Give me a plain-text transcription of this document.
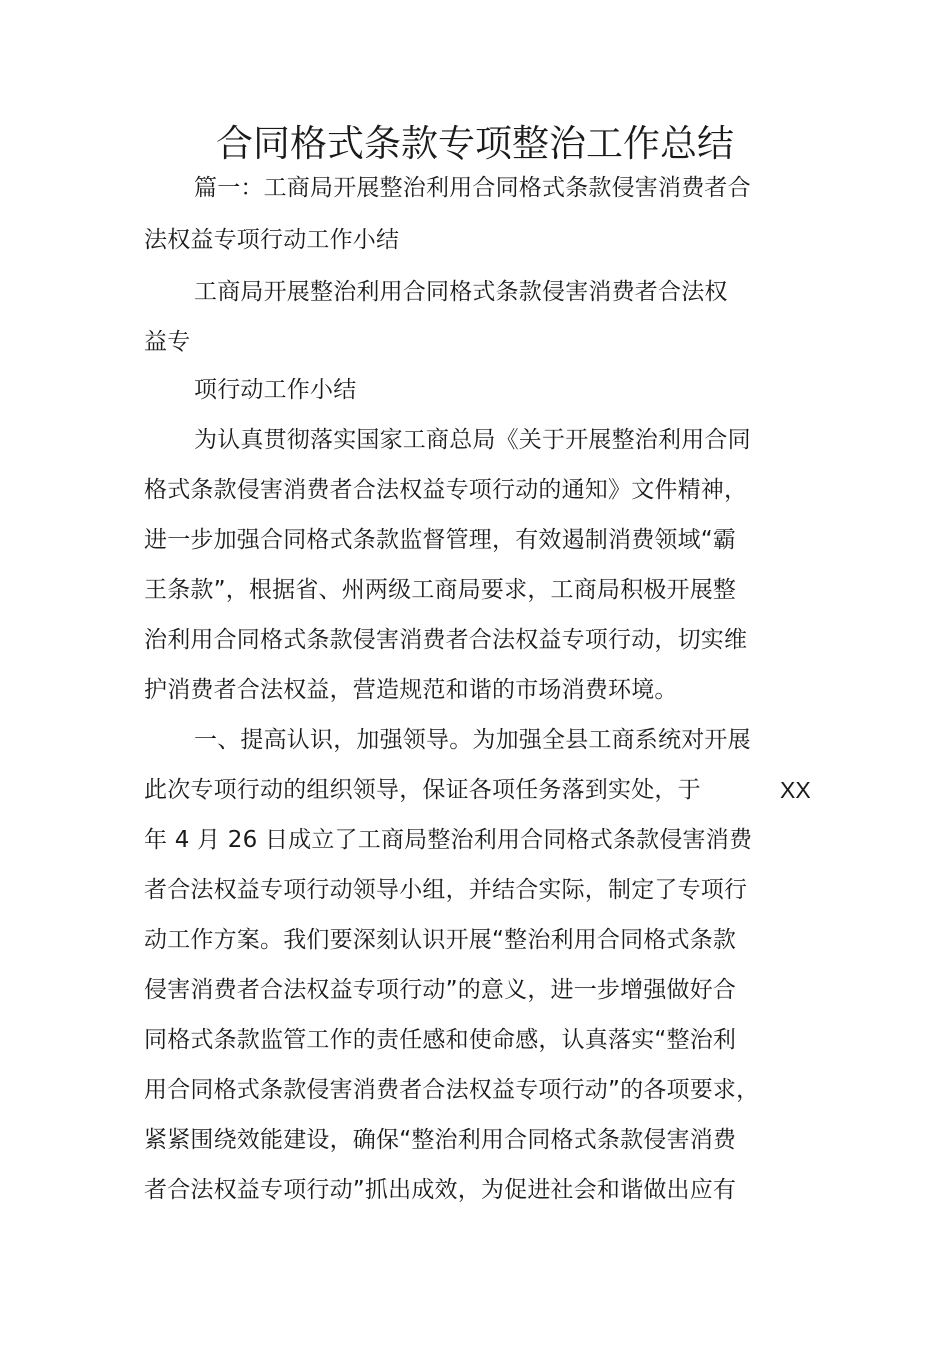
合同格式条款专项整治工作总结
篇一：工商局开展整治利用合同格式条款侵害消费者合
法权益专项行动工作小结
工商局开展整治利用合同格式条款侵害消费者合法权
益专
项行动工作小结
为认真贯彻落实国家工商总局《关于开展整治利用合同
格式条款侵害消费者合法权益专项行动的通知》文件精神，
进一步加强合同格式条款监督管理，有效遏制消费领域“霸
王条款”，根据省、州两级工商局要求，工商局积极开展整
治利用合同格式条款侵害消费者合法权益专项行动，切实维
护消费者合法权益，营造规范和谐的市场消费环境。
一、提高认识，加强领导。为加强全县工商系统对开展
此次专项行动的组织领导，保证各项任务落到实处，于	XX
年 4 月 26 日成立了工商局整治利用合同格式条款侵害消费
者合法权益专项行动领导小组，并结合实际，制定了专项行
动工作方案。我们要深刻认识开展“整治利用合同格式条款
侵害消费者合法权益专项行动”的意义，进一步增强做好合
同格式条款监管工作的责任感和使命感，认真落实“整治利
用合同格式条款侵害消费者合法权益专项行动”的各项要求，
紧紧围绕效能建设，确保“整治利用合同格式条款侵害消费
者合法权益专项行动”抓出成效，为促进社会和谐做出应有
